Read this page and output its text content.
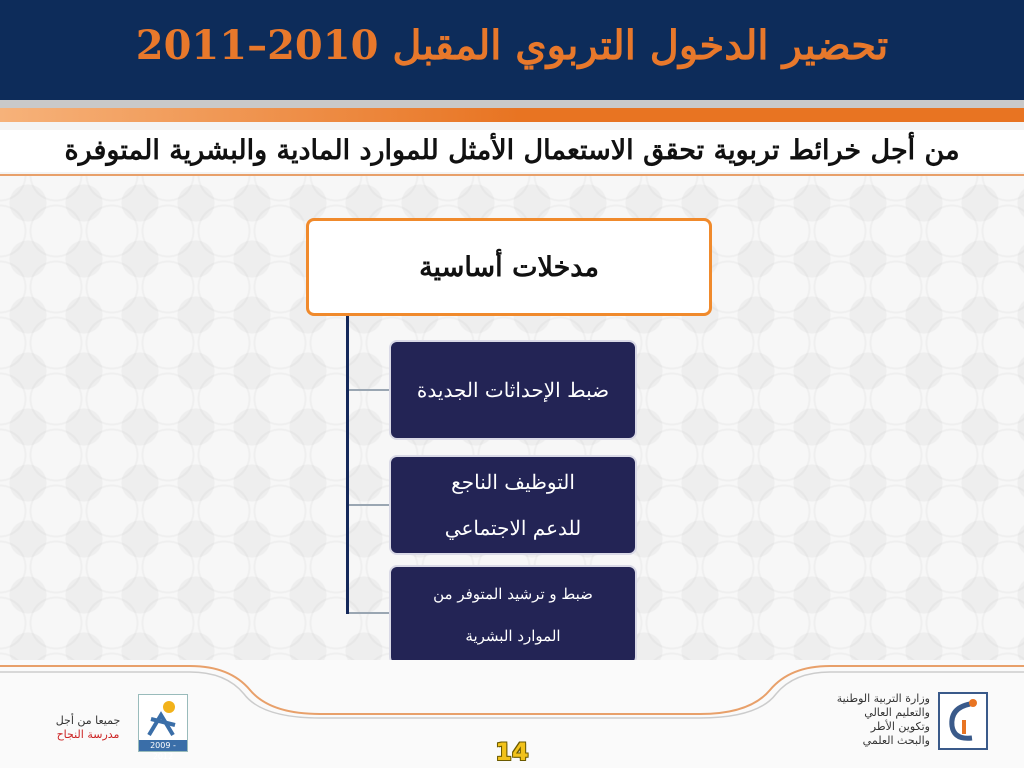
تحضير الدخول التربوي المقبل 2010–2011
من أجل خرائط تربوية تحقق الاستعمال الأمثل للموارد المادية والبشرية المتوفرة
مدخلات أساسية
ضبط الإحداثات الجديدة
التوظيف الناجع
للدعم الاجتماعي
ضبط و ترشيد المتوفر من
الموارد البشرية
جميعا من أجل
مدرسة النجاح
2009 - 2012	14
وزارة التربية الوطنية
والتعليم العالي
وتكوين الأطر
والبحث العلمي
